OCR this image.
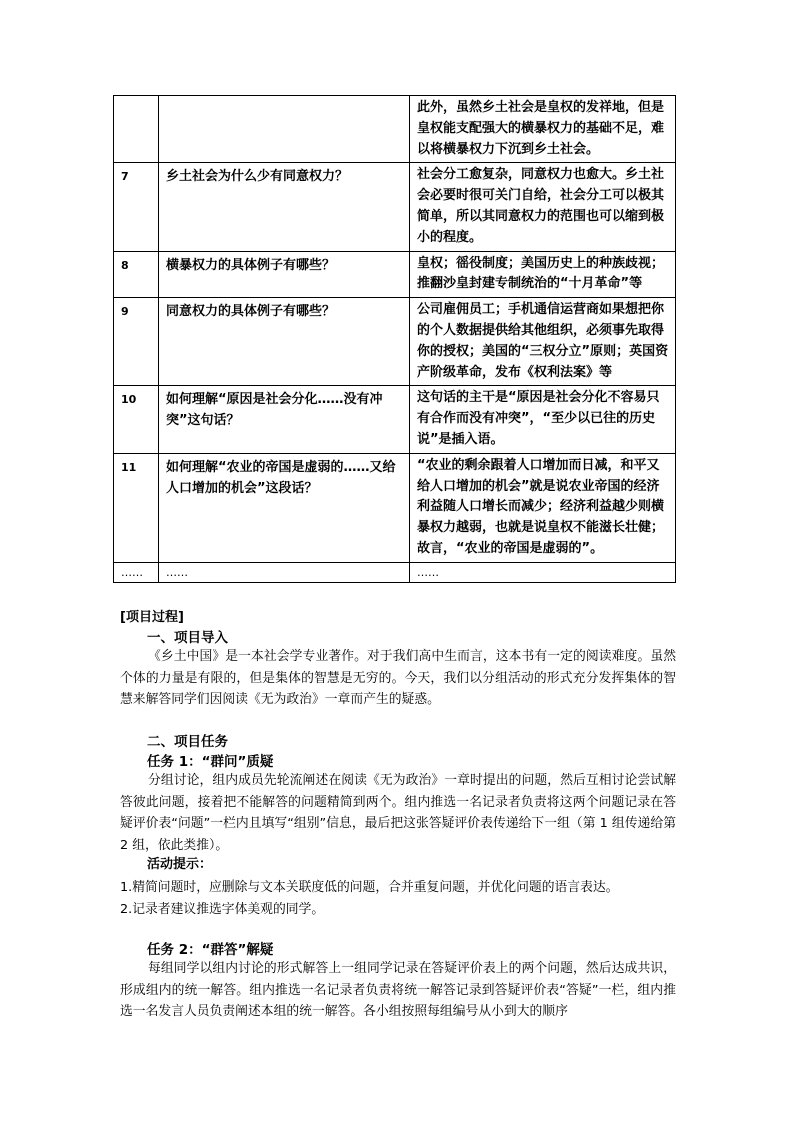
		此外，虽然乡土社会是皇权的发祥地，但是皇权能支配强大的横暴权力的基础不足，难以将横暴权力下沉到乡土社会。
7	乡土社会为什么少有同意权力？	社会分工愈复杂，同意权力也愈大。乡土社会必要时很可关门自给，社会分工可以极其简单，所以其同意权力的范围也可以缩到极小的程度。
8	横暴权力的具体例子有哪些？	皇权；徭役制度；美国历史上的种族歧视；推翻沙皇封建专制统治的“十月革命”等
9	同意权力的具体例子有哪些？	公司雇佣员工；手机通信运营商如果想把你的个人数据提供给其他组织，必须事先取得你的授权；美国的“三权分立”原则；英国资产阶级革命，发布《权利法案》等
10	如何理解“原因是社会分化……没有冲突”这句话？	这句话的主干是“原因是社会分化不容易只有合作而没有冲突”，“至少以已往的历史说”是插入语。
11	如何理解“农业的帝国是虚弱的……又给人口增加的机会”这段话？	“农业的剩余跟着人口增加而日减，和平又给人口增加的机会”就是说农业帝国的经济利益随人口增长而减少；经济利益越少则横暴权力越弱，也就是说皇权不能滋长壮健；故言，“农业的帝国是虚弱的”。
……	……	……
[项目过程]
一、项目导入
《乡土中国》是一本社会学专业著作。对于我们高中生而言，这本书有一定的阅读难度。虽然个体的力量是有限的，但是集体的智慧是无穷的。今天，我们以分组活动的形式充分发挥集体的智慧来解答同学们因阅读《无为政治》一章而产生的疑惑。
二、项目任务
任务 1：“群问”质疑
分组讨论，组内成员先轮流阐述在阅读《无为政治》一章时提出的问题，然后互相讨论尝试解答彼此问题，接着把不能解答的问题精简到两个。组内推选一名记录者负责将这两个问题记录在答疑评价表“问题”一栏内且填写“组别”信息，最后把这张答疑评价表传递给下一组（第 1 组传递给第 2 组，依此类推）。
活动提示：
1.精简问题时，应删除与文本关联度低的问题，合并重复问题，并优化问题的语言表达。
2.记录者建议推选字体美观的同学。
任务 2：“群答”解疑
每组同学以组内讨论的形式解答上一组同学记录在答疑评价表上的两个问题，然后达成共识，形成组内的统一解答。组内推选一名记录者负责将统一解答记录到答疑评价表“答疑”一栏，组内推选一名发言人员负责阐述本组的统一解答。各小组按照每组编号从小到大的顺序
